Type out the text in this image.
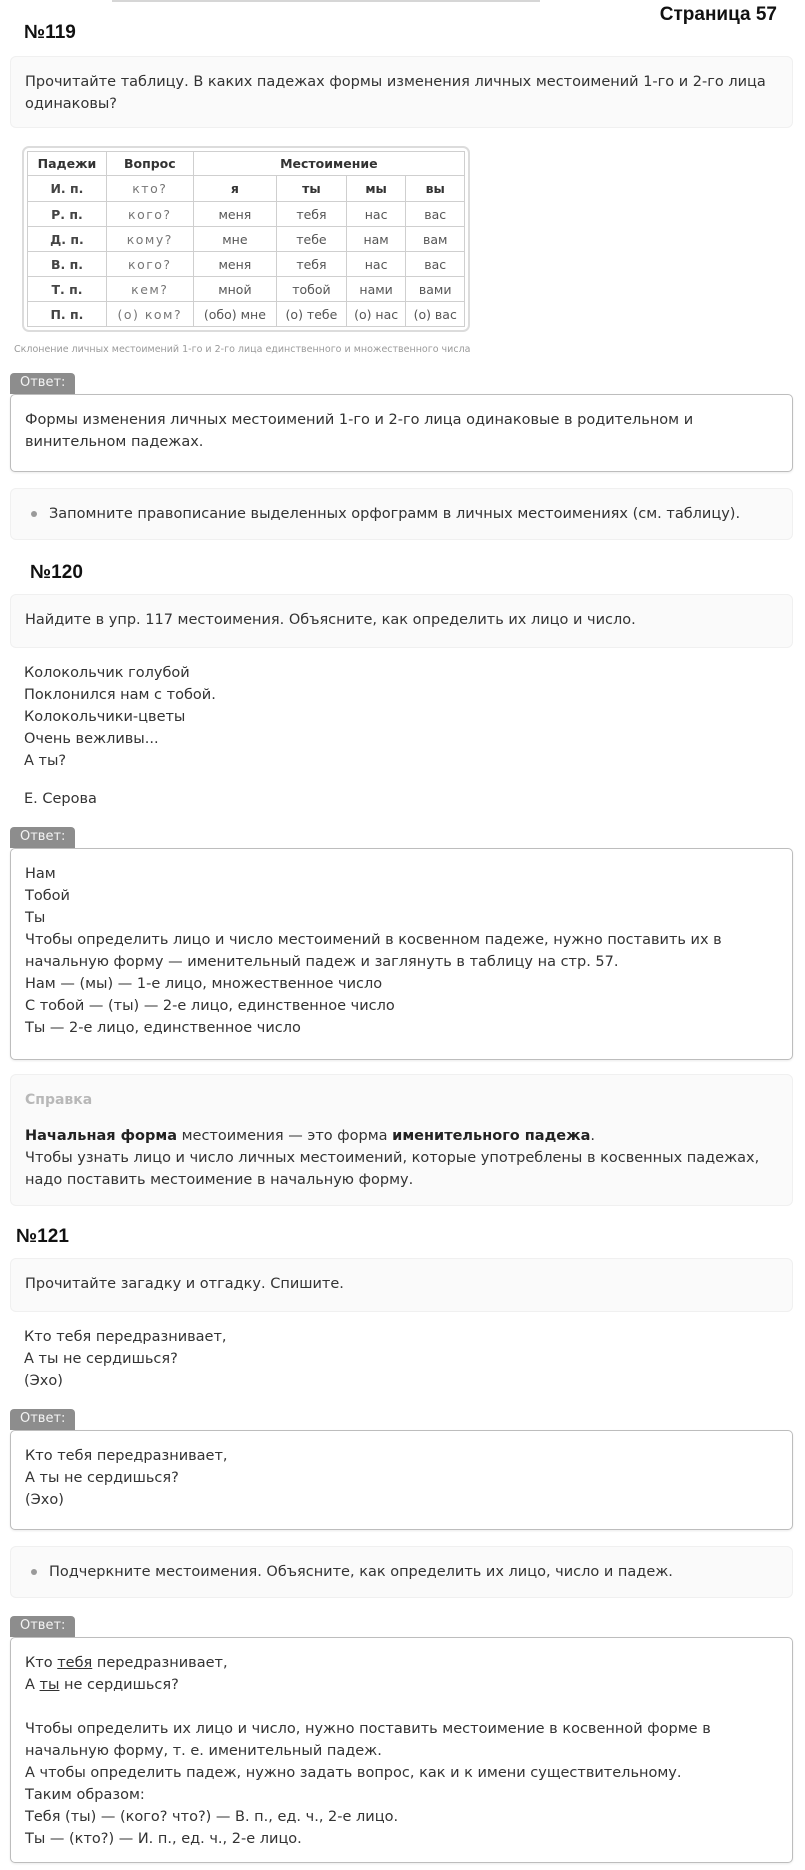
Страница 57
№119
Прочитайте таблицу. В каких падежах формы изменения личных местоимений 1-го и 2-го лица одинаковы?
Падежи	Вопрос	Местоимение			
И. п.	кто?	я	ты	мы	вы
Р. п.	кого?	меня	тебя	нас	вас
Д. п.	кому?	мне	тебе	нам	вам
В. п.	кого?	меня	тебя	нас	вас
Т. п.	кем?	мной	тобой	нами	вами
П. п.	(о) ком?	(обо) мне	(о) тебе	(о) нас	(о) вас
Склонение личных местоимений 1-го и 2-го лица единственного и множественного числа
Ответ:
Формы изменения личных местоимений 1-го и 2-го лица одинаковые в родительном и винительном падежах.
Запомните правописание выделенных орфограмм в личных местоимениях (см. таблицу).
№120
Найдите в упр. 117 местоимения. Объясните, как определить их лицо и число.
Колокольчик голубой
Поклонился нам с тобой.
Колокольчики-цветы
Очень вежливы...
А ты?
Е. Серова
Ответ:
Нам
Тобой
Ты
Чтобы определить лицо и число местоимений в косвенном падеже, нужно поставить их в начальную форму — именительный падеж и заглянуть в таблицу на стр. 57.
Нам — (мы) — 1-е лицо, множественное число
С тобой — (ты) — 2-е лицо, единственное число
Ты — 2-е лицо, единственное число
Справка
Начальная форма местоимения — это форма именительного падежа.
Чтобы узнать лицо и число личных местоимений, которые употреблены в косвенных падежах, надо поставить местоимение в начальную форму.
№121
Прочитайте загадку и отгадку. Спишите.
Кто тебя передразнивает,
А ты не сердишься?
(Эхо)
Ответ:
Кто тебя передразнивает,
А ты не сердишься?
(Эхо)
Подчеркните местоимения. Объясните, как определить их лицо, число и падеж.
Ответ:
Кто тебя передразнивает,
А ты не сердишься?
Чтобы определить их лицо и число, нужно поставить местоимение в косвенной форме в начальную форму, т. е. именительный падеж.
А чтобы определить падеж, нужно задать вопрос, как и к имени существительному.
Таким образом:
Тебя (ты) — (кого? что?) — В. п., ед. ч., 2-е лицо.
Ты — (кто?) — И. п., ед. ч., 2-е лицо.
